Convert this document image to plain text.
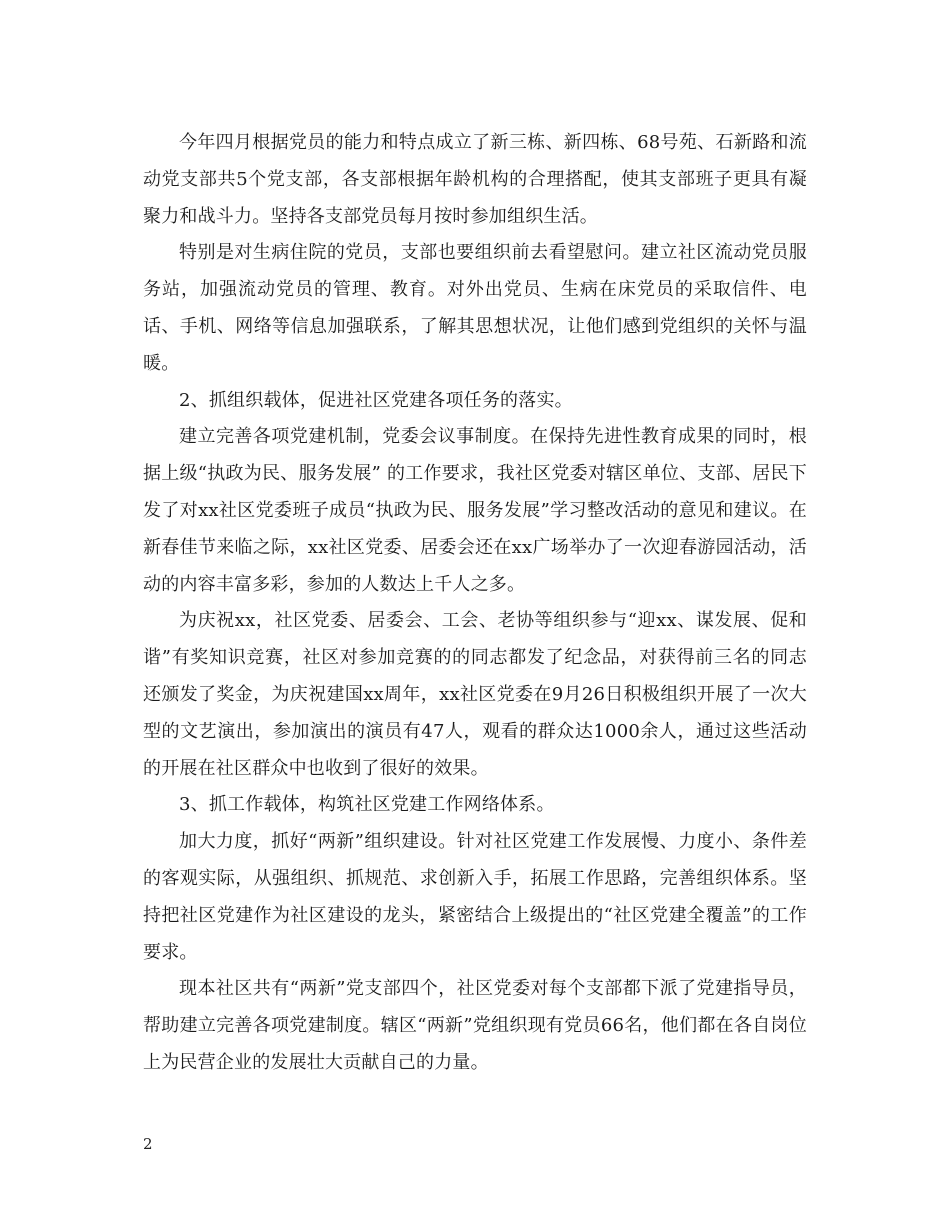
今年四月根据党员的能力和特点成立了新三栋、新四栋、68号苑、石新路和流动党支部共5个党支部，各支部根据年龄机构的合理搭配，使其支部班子更具有凝聚力和战斗力。坚持各支部党员每月按时参加组织生活。

特别是对生病住院的党员，支部也要组织前去看望慰问。建立社区流动党员服务站，加强流动党员的管理、教育。对外出党员、生病在床党员的采取信件、电话、手机、网络等信息加强联系，了解其思想状况，让他们感到党组织的关怀与温暖。

2、抓组织载体，促进社区党建各项任务的落实。

建立完善各项党建机制，党委会议事制度。在保持先进性教育成果的同时，根据上级“执政为民、服务发展” 的工作要求，我社区党委对辖区单位、支部、居民下发了对xx社区党委班子成员“执政为民、服务发展”学习整改活动的意见和建议。在新春佳节来临之际，xx社区党委、居委会还在xx广场举办了一次迎春游园活动，活动的内容丰富多彩，参加的人数达上千人之多。

为庆祝xx，社区党委、居委会、工会、老协等组织参与“迎xx、谋发展、促和谐”有奖知识竞赛，社区对参加竞赛的的同志都发了纪念品，对获得前三名的同志还颁发了奖金，为庆祝建国xx周年，xx社区党委在9月26日积极组织开展了一次大型的文艺演出，参加演出的演员有47人，观看的群众达1000余人，通过这些活动的开展在社区群众中也收到了很好的效果。

3、抓工作载体，构筑社区党建工作网络体系。

加大力度，抓好“两新”组织建设。针对社区党建工作发展慢、力度小、条件差的客观实际，从强组织、抓规范、求创新入手，拓展工作思路，完善组织体系。坚持把社区党建作为社区建设的龙头，紧密结合上级提出的“社区党建全覆盖”的工作要求。

现本社区共有“两新”党支部四个，社区党委对每个支部都下派了党建指导员，帮助建立完善各项党建制度。辖区“两新”党组织现有党员66名，他们都在各自岗位上为民营企业的发展壮大贡献自己的力量。

2
